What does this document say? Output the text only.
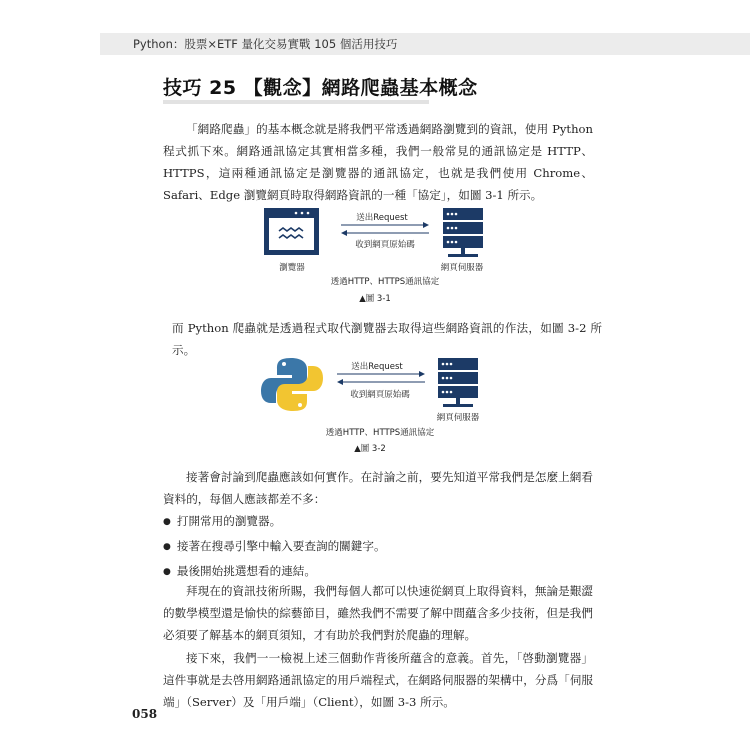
Python：股票×ETF 量化交易實戰 105 個活用技巧
技巧 25 【觀念】網路爬蟲基本概念
「網路爬蟲」的基本概念就是將我們平常透過網路瀏覽到的資訊，使用 Python 程式抓下來。網路通訊協定其實相當多種，我們一般常見的通訊協定是 HTTP、HTTPS，這兩種通訊協定是瀏覽器的通訊協定，也就是我們使用 Chrome、Safari、Edge 瀏覽網頁時取得網路資訊的一種「協定」，如圖 3-1 所示。
送出Request
收到網頁原始碼
瀏覽器	網頁伺服器
透過HTTP、HTTPS通訊協定
▲圖 3-1
而 Python 爬蟲就是透過程式取代瀏覽器去取得這些網路資訊的作法，如圖 3-2 所示。
送出Request
收到網頁原始碼
網頁伺服器
透過HTTP、HTTPS通訊協定
▲圖 3-2
接著會討論到爬蟲應該如何實作。在討論之前，要先知道平常我們是怎麼上網看資料的，每個人應該都差不多：
● 打開常用的瀏覽器。
● 接著在搜尋引擎中輸入要查詢的關鍵字。
● 最後開始挑選想看的連結。
拜現在的資訊技術所賜，我們每個人都可以快速從網頁上取得資料，無論是艱澀的數學模型還是愉快的綜藝節目，雖然我們不需要了解中間蘊含多少技術，但是我們必須要了解基本的網頁須知，才有助於我們對於爬蟲的理解。
接下來，我們一一檢視上述三個動作背後所蘊含的意義。首先，「啓動瀏覽器」這件事就是去啓用網路通訊協定的用戶端程式，在網路伺服器的架構中，分爲「伺服端」（Server）及「用戶端」（Client），如圖 3-3 所示。
058
